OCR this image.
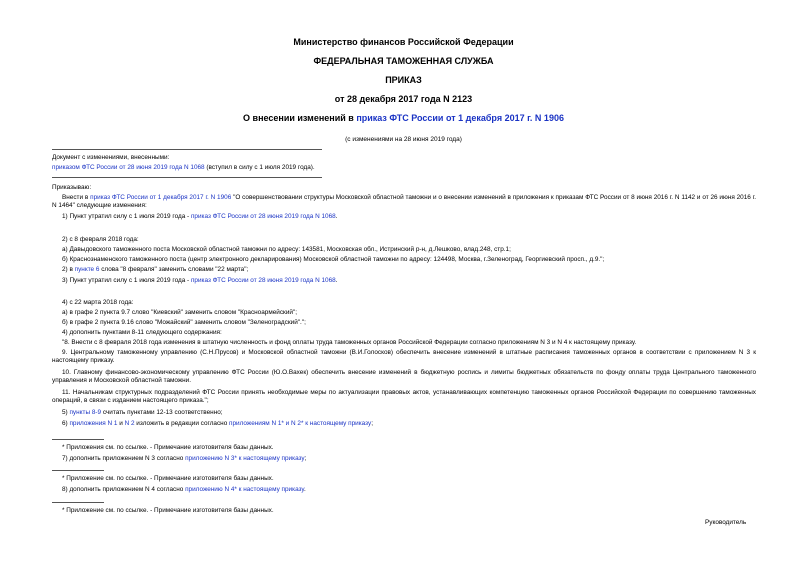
Министерство финансов Российской Федерации
ФЕДЕРАЛЬНАЯ ТАМОЖЕННАЯ СЛУЖБА
ПРИКАЗ
от 28 декабря 2017 года N 2123
О внесении изменений в приказ ФТС России от 1 декабря 2017 г. N 1906
(с изменениями на 28 июня 2019 года)
Документ с изменениями, внесенными:
приказом ФТС России от 28 июня 2019 года N 1068 (вступил в силу с 1 июля 2019 года).
Приказываю:
Внести в приказ ФТС России от 1 декабря 2017 г. N 1906 "О совершенствовании структуры Московской областной таможни и о внесении изменений в приложения к приказам ФТС России от 8 июня 2016 г. N 1142 и от 26 июня 2016 г. N 1464" следующие изменения:
1) Пункт утратил силу с 1 июля 2019 года - приказ ФТС России от 28 июня 2019 года N 1068.
2) с 8 февраля 2018 года:
а) Давыдовского таможенного поста Московской областной таможни по адресу: 143581, Московская обл., Истринский р-н, д.Лешково, влад.248, стр.1;
б) Краснознаменского таможенного поста (центр электронного декларирования) Московской областной таможни по адресу: 124498, Москва, г.Зеленоград, Георгиевский просп., д.9.";
2) в пункте 6 слова "8 февраля" заменить словами "22 марта";
3) Пункт утратил силу с 1 июля 2019 года - приказ ФТС России от 28 июня 2019 года N 1068.
4) с 22 марта 2018 года:
а) в графе 2 пункта 9.7 слово "Киевский" заменить словом "Красноармейский";
б) в графе 2 пункта 9.16 слово "Можайский" заменить словом "Зеленоградский".";
4) дополнить пунктами 8-11 следующего содержания:
"8. Внести с 8 февраля 2018 года изменения в штатную численность и фонд оплаты труда таможенных органов Российской Федерации согласно приложениям N 3 и N 4 к настоящему приказу.
9. Центральному таможенному управлению (С.Н.Прусов) и Московской областной таможни (В.И.Голосков) обеспечить внесение изменений в штатные расписания таможенных органов в соответствии с приложением N 3 к настоящему приказу.
10. Главному финансово-экономическому управлению ФТС России (Ю.О.Вахек) обеспечить внесение изменений в бюджетную роспись и лимиты бюджетных обязательств по фонду оплаты труда Центрального таможенного управления и Московской областной таможни.
11. Начальникам структурных подразделений ФТС России принять необходимые меры по актуализации правовых актов, устанавливающих компетенцию таможенных органов Российской Федерации по совершению таможенных операций, в связи с изданием настоящего приказа.";
5) пункты 8-9 считать пунктами 12-13 соответственно;
6) приложения N 1 и N 2 изложить в редакции согласно приложениям N 1* и N 2* к настоящему приказу;
* Приложения см. по ссылке. - Примечание изготовителя базы данных.
7) дополнить приложением N 3 согласно приложению N 3* к настоящему приказу;
* Приложение см. по ссылке. - Примечание изготовителя базы данных.
8) дополнить приложением N 4 согласно приложению N 4* к настоящему приказу.
* Приложение см. по ссылке. - Примечание изготовителя базы данных.
Руководитель
